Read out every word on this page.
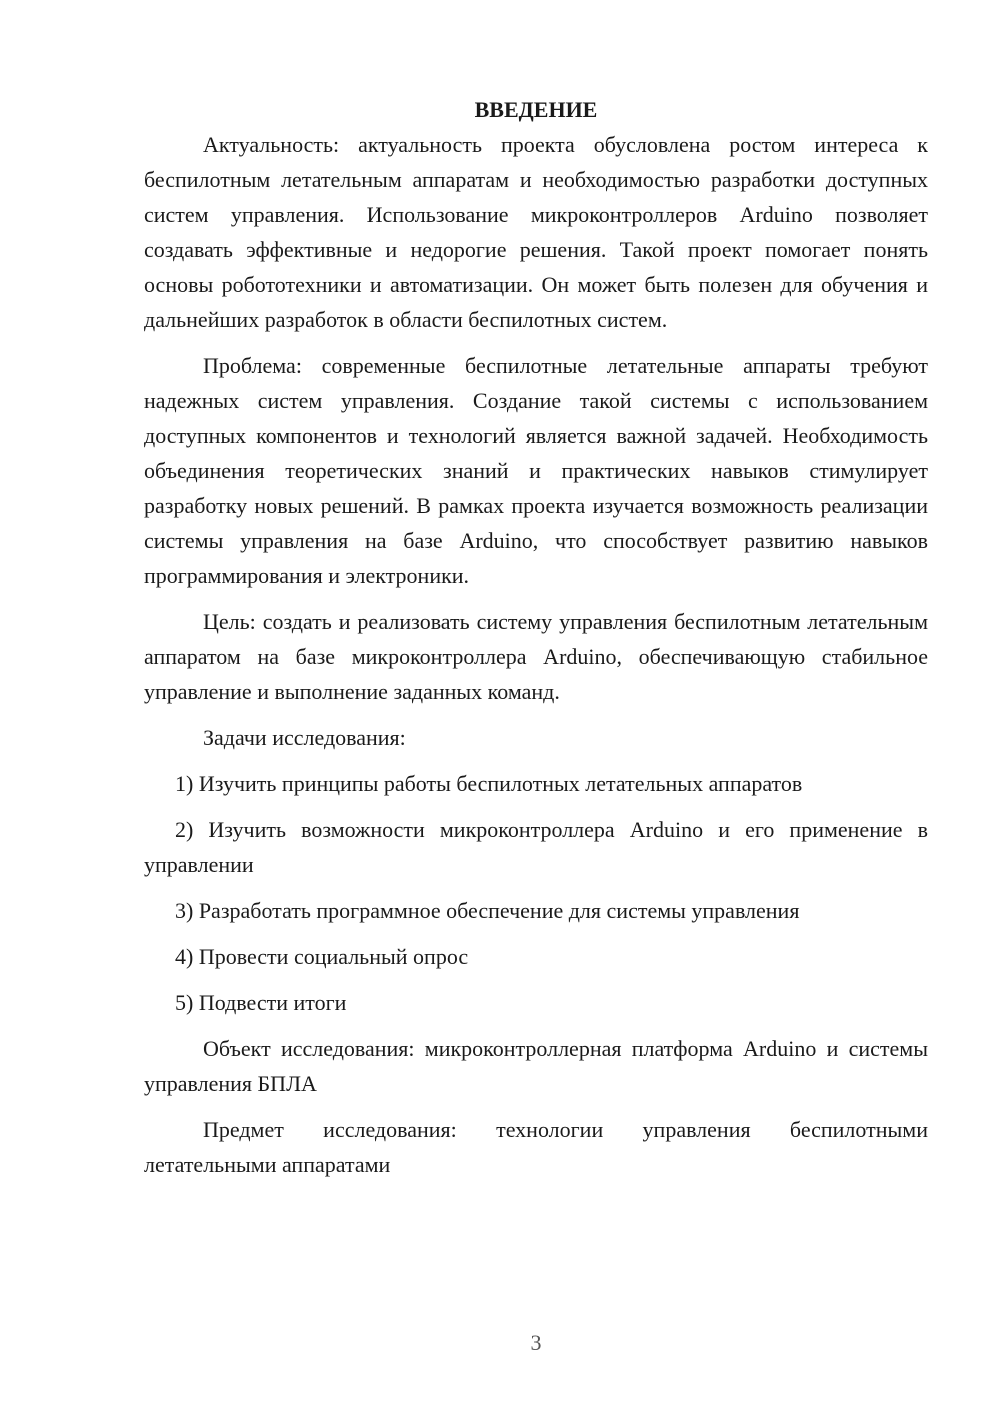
ВВЕДЕНИЕ

Актуальность: актуальность проекта обусловлена ростом интереса к беспилотным летательным аппаратам и необходимостью разработки доступных систем управления. Использование микроконтроллеров Arduino позволяет создавать эффективные и недорогие решения. Такой проект помогает понять основы робототехники и автоматизации. Он может быть полезен для обучения и дальнейших разработок в области беспилотных систем.

Проблема: современные беспилотные летательные аппараты требуют надежных систем управления. Создание такой системы с использованием доступных компонентов и технологий является важной задачей. Необходимость объединения теоретических знаний и практических навыков стимулирует разработку новых решений. В рамках проекта изучается возможность реализации системы управления на базе Arduino, что способствует развитию навыков программирования и электроники.

Цель: создать и реализовать систему управления беспилотным летательным аппаратом на базе микроконтроллера Arduino, обеспечивающую стабильное управление и выполнение заданных команд.

Задачи исследования:

1) Изучить принципы работы беспилотных летательных аппаратов

2) Изучить возможности микроконтроллера Arduino и его применение в управлении

3) Разработать программное обеспечение для системы управления

4) Провести социальный опрос

5) Подвести итоги

Объект исследования: микроконтроллерная платформа Arduino и системы управления БПЛА

Предмет исследования: технологии управления беспилотными летательными аппаратами

3
